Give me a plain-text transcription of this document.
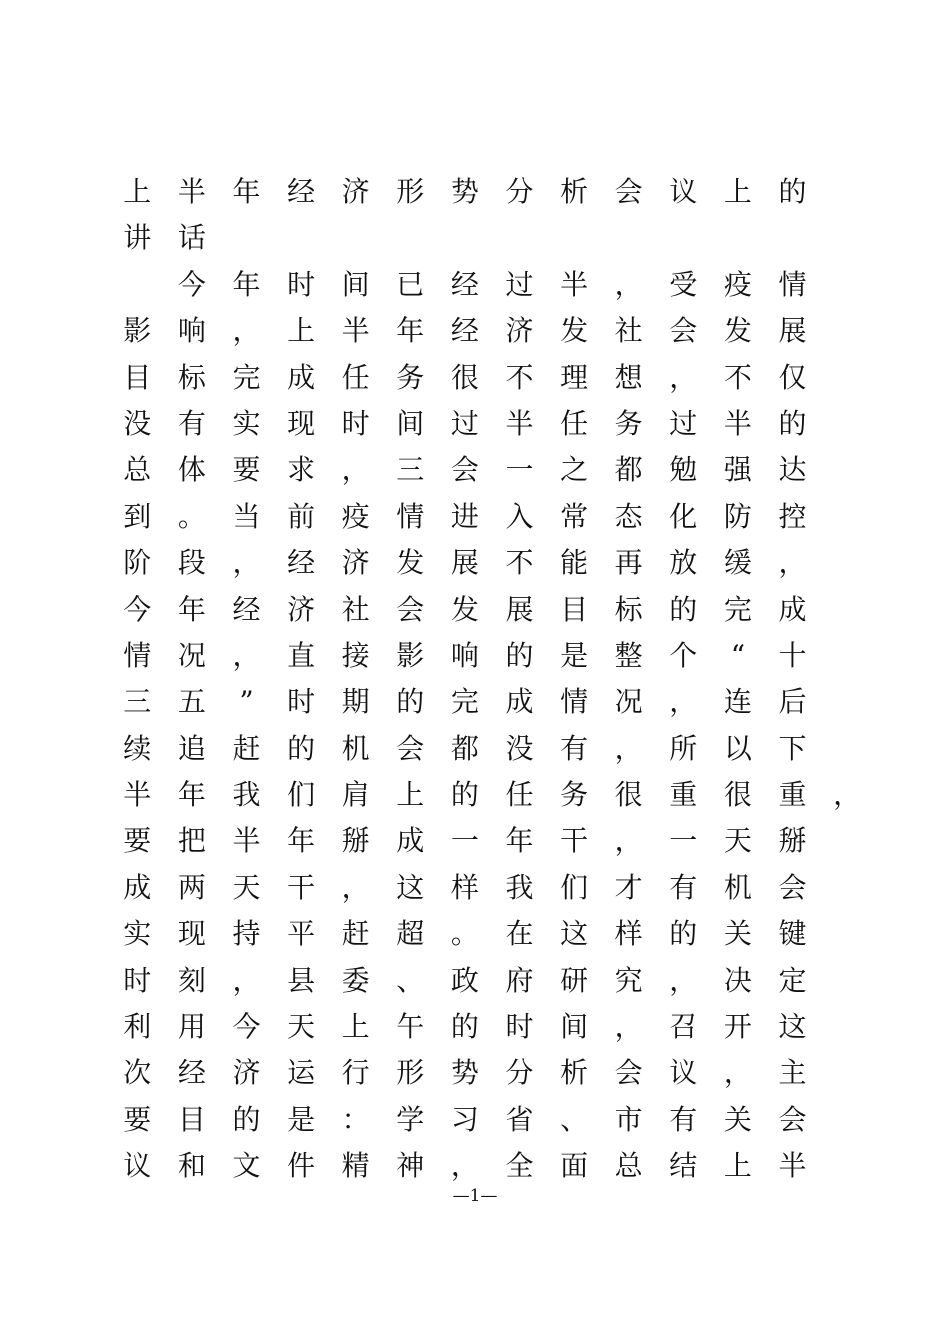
上 半 年 经 济 形 势 分 析 会 议 上 的
讲 话

今 年 时 间 已 经 过 半 ， 受 疫 情
影 响 ， 上 半 年 经 济 发 社 会 发 展
目 标 完 成 任 务 很 不 理 想 ， 不 仅
没 有 实 现 时 间 过 半 任 务 过 半 的
总 体 要 求 ， 三 会 一 之 都 勉 强 达
到 。 当 前 疫 情 进 入 常 态 化 防 控
阶 段 ， 经 济 发 展 不 能 再 放 缓 ，
今 年 经 济 社 会 发 展 目 标 的 完 成
情 况 ， 直 接 影 响 的 是 整 个	“	十
三 五	”	时 期 的 完 成 情 况 ， 连 后
续 追 赶 的 机 会 都 没 有 ， 所 以 下
半 年 我 们 肩 上 的 任 务 很 重 很 重 ，
要 把 半 年 掰 成 一 年 干 ， 一 天 掰
成 两 天 干 ， 这 样 我 们 才 有 机 会
实 现 持 平 赶 超 。 在 这 样 的 关 键
时 刻 ， 县 委 、 政 府 研 究 ， 决 定
利 用 今 天 上 午 的 时 间 ， 召 开 这
次 经 济 运 行 形 势 分 析 会 议 ， 主
要 目 的 是 ： 学 习 省 、 市 有 关 会
议 和 文 件 精 神 ， 全 面 总 结 上 半
—1—
